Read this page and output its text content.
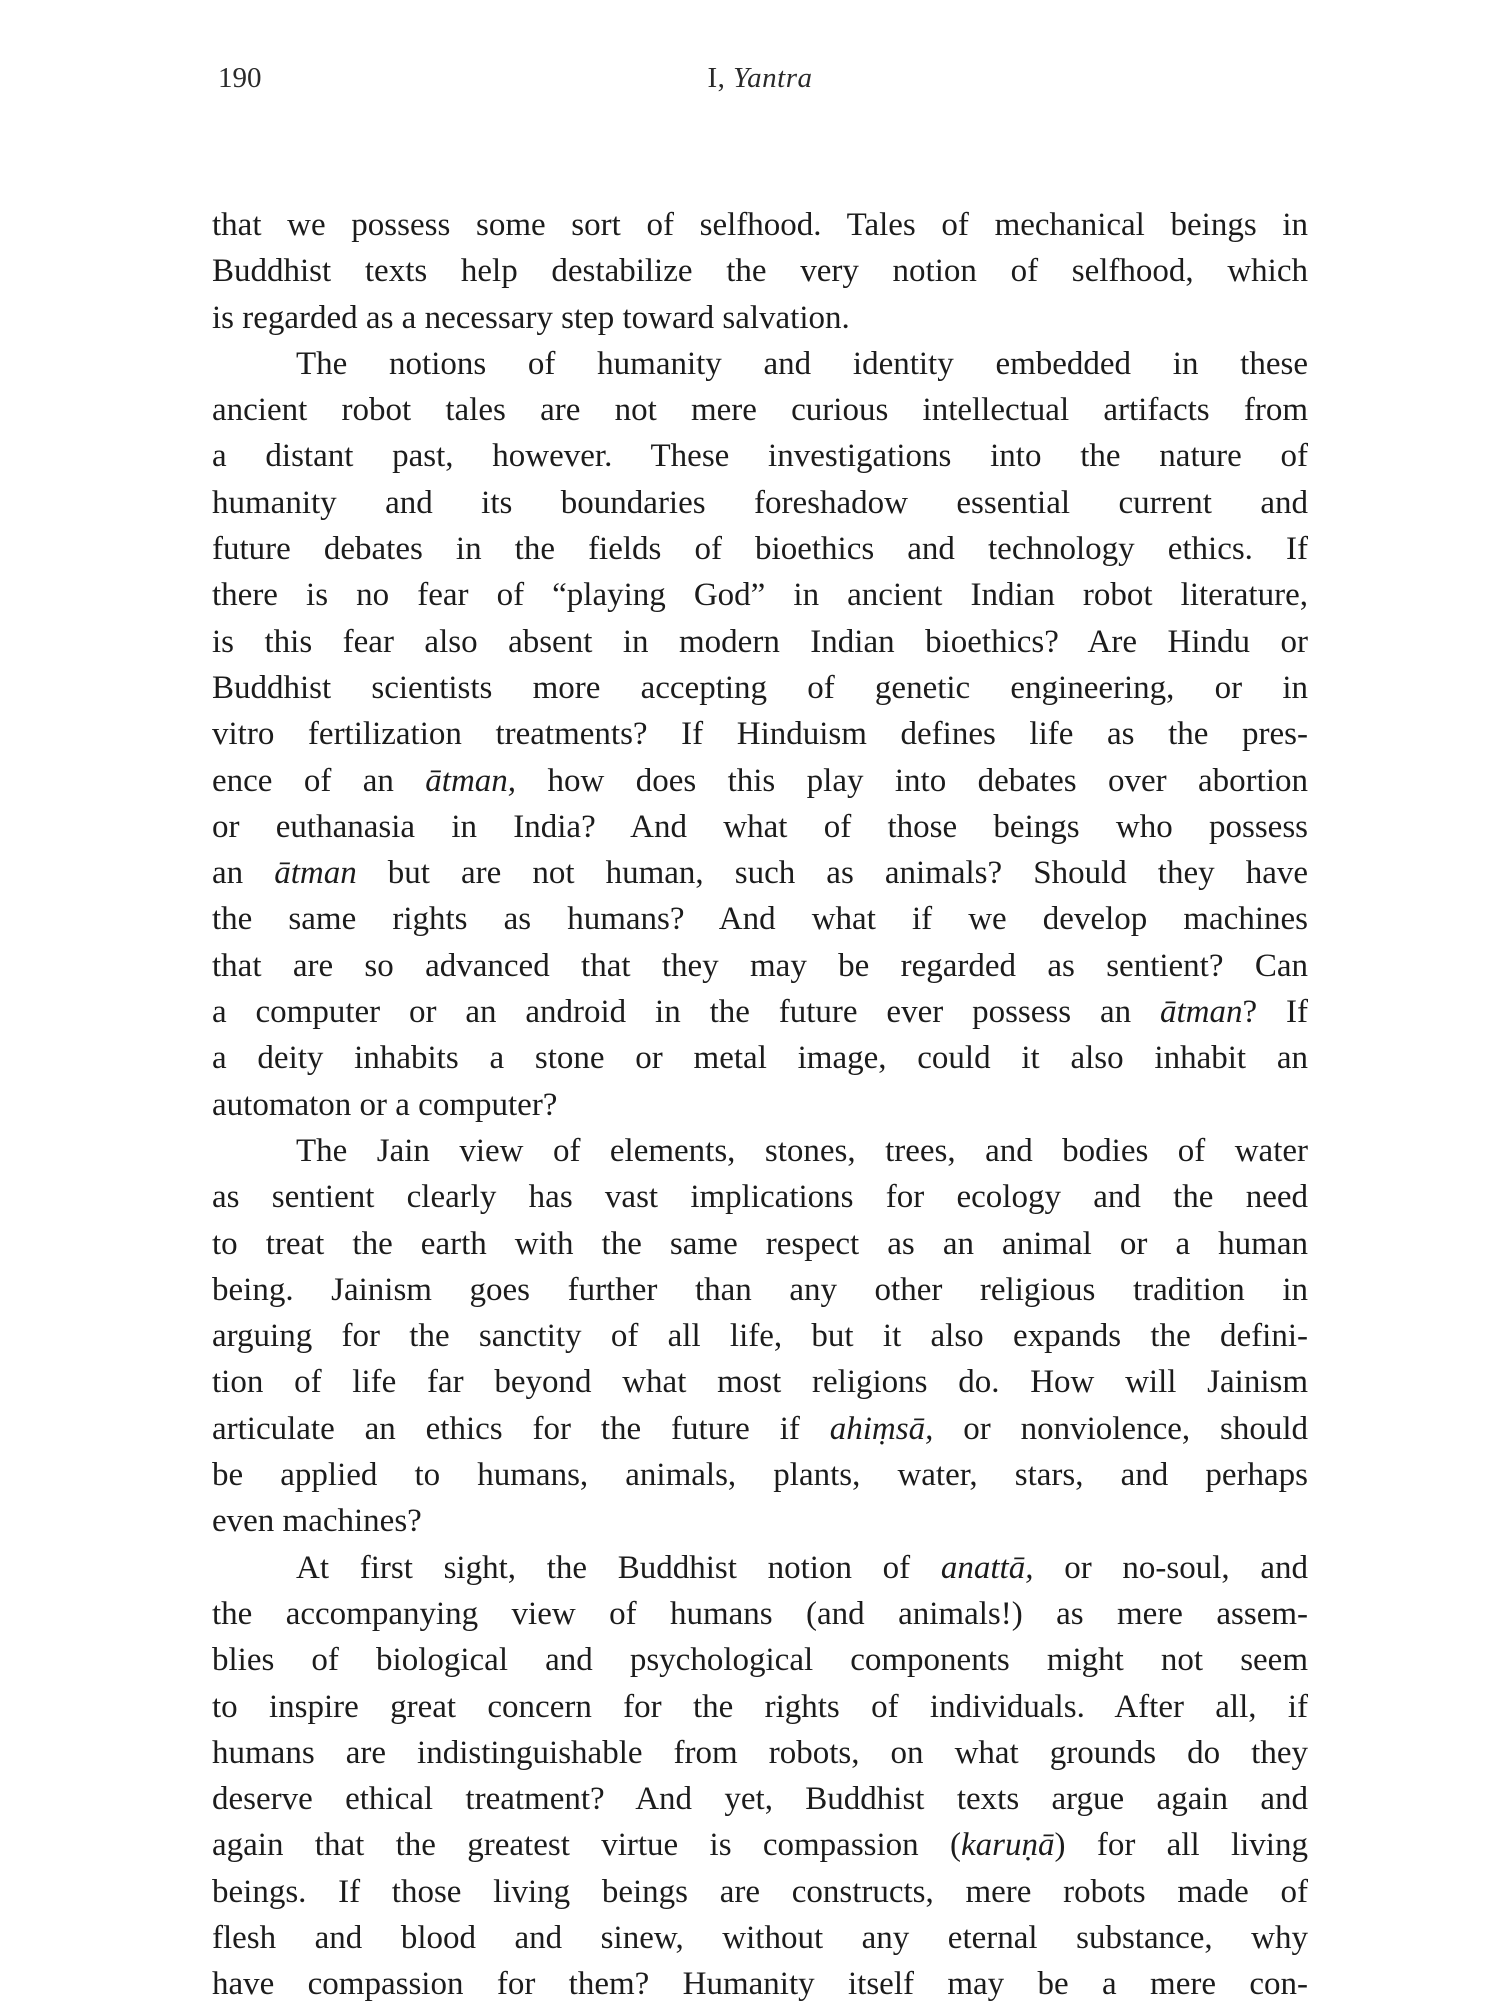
190	I, Yantra
that we possess some sort of selfhood. Tales of mechanical beings in
Buddhist texts help destabilize the very notion of selfhood, which
is regarded as a necessary step toward salvation.
The notions of humanity and identity embedded in these
ancient robot tales are not mere curious intellectual artifacts from
a distant past, however. These investigations into the nature of
humanity and its boundaries foreshadow essential current and
future debates in the fields of bioethics and technology ethics. If
there is no fear of “playing God” in ancient Indian robot literature,
is this fear also absent in modern Indian bioethics? Are Hindu or
Buddhist scientists more accepting of genetic engineering, or in
vitro fertilization treatments? If Hinduism defines life as the pres-
ence of an ātman, how does this play into debates over abortion
or euthanasia in India? And what of those beings who possess
an ātman but are not human, such as animals? Should they have
the same rights as humans? And what if we develop machines
that are so advanced that they may be regarded as sentient? Can
a computer or an android in the future ever possess an ātman? If
a deity inhabits a stone or metal image, could it also inhabit an
automaton or a computer?
The Jain view of elements, stones, trees, and bodies of water
as sentient clearly has vast implications for ecology and the need
to treat the earth with the same respect as an animal or a human
being. Jainism goes further than any other religious tradition in
arguing for the sanctity of all life, but it also expands the defini-
tion of life far beyond what most religions do. How will Jainism
articulate an ethics for the future if ahiṃsā, or nonviolence, should
be applied to humans, animals, plants, water, stars, and perhaps
even machines?
At first sight, the Buddhist notion of anattā, or no-soul, and
the accompanying view of humans (and animals!) as mere assem-
blies of biological and psychological components might not seem
to inspire great concern for the rights of individuals. After all, if
humans are indistinguishable from robots, on what grounds do they
deserve ethical treatment? And yet, Buddhist texts argue again and
again that the greatest virtue is compassion (karuṇā) for all living
beings. If those living beings are constructs, mere robots made of
flesh and blood and sinew, without any eternal substance, why
have compassion for them? Humanity itself may be a mere con-
